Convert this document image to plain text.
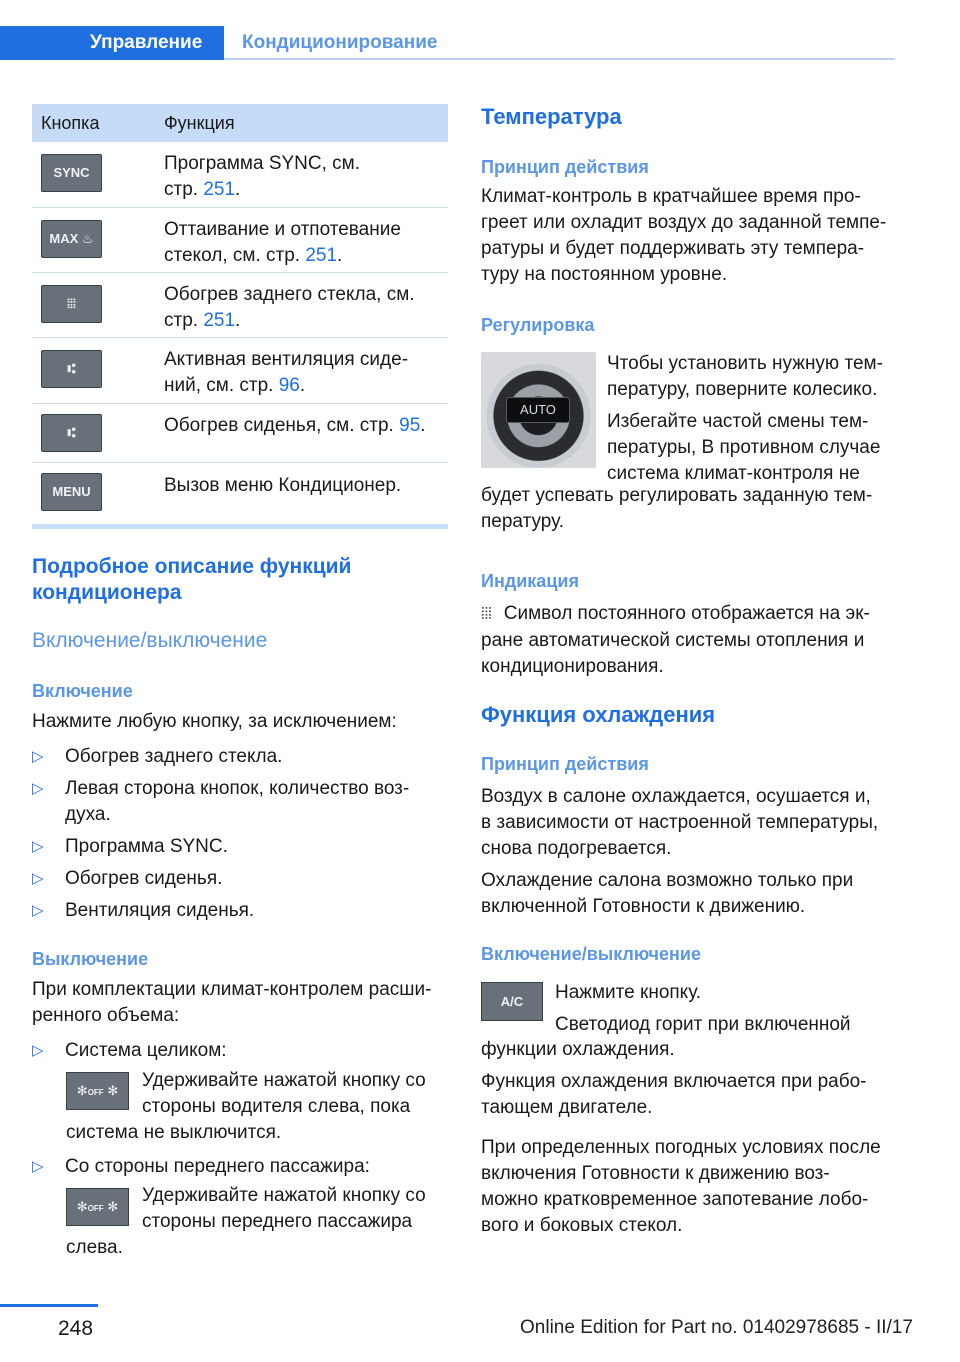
Управление	Кондиционирование
Кнопка	Функция
SYNC	Программа SYNC, см.
стр. 251.
MAX ♨	Оттаивание и отпотевание
стекол, см. стр. 251.
⦙⦙⦙	Обогрев заднего стекла, см.
стр. 251.
⑆	Активная вентиляция сиде-
ний, см. стр. 96.
⑆	Обогрев сиденья, см. стр. 95.
MENU	Вызов меню Кондиционер.
Подробное описание функций
кондиционера
Включение/выключение
Включение
Нажмите любую кнопку, за исключением:
▷ Обогрев заднего стекла.
▷ Левая сторона кнопок, количество воз-
духа.
▷ Программа SYNC.
▷ Обогрев сиденья.
▷ Вентиляция сиденья.
Выключение
При комплектации климат-контролем расши-
ренного объема:
▷ Система целиком:
✻OFF ✻	Удерживайте нажатой кнопку со
стороны водителя слева, пока
система не выключится.
▷ Со стороны переднего пассажира:
✻OFF ✻
Удерживайте нажатой кнопку со
стороны переднего пассажира
слева.
Температура
Принцип действия
Климат-контроль в кратчайшее время про-
греет или охладит воздух до заданной темпе-
ратуры и будет поддерживать эту темпера-
туру на постоянном уровне.
Регулировка
AUTO
Чтобы установить нужную тем-
пературу, поверните колесико.
Избегайте частой смены тем-
пературы, В противном случае
система климат-контроля не
будет успевать регулировать заданную тем-
пературу.
Индикация
⦙⦙⦙ Символ постоянного отображается на эк-
ране автоматической системы отопления и
кондиционирования.
Функция охлаждения
Принцип действия
Воздух в салоне охлаждается, осушается и,
в зависимости от настроенной температуры,
снова подогревается.
Охлаждение салона возможно только при
включенной Готовности к движению.
Включение/выключение
A/C	Нажмите кнопку.
Светодиод горит при включенной
функции охлаждения.
Функция охлаждения включается при рабо-
тающем двигателе.
При определенных погодных условиях после
включения Готовности к движению воз-
можно кратковременное запотевание лобо-
вого и боковых стекол.
248	Online Edition for Part no. 01402978685 - II/17
